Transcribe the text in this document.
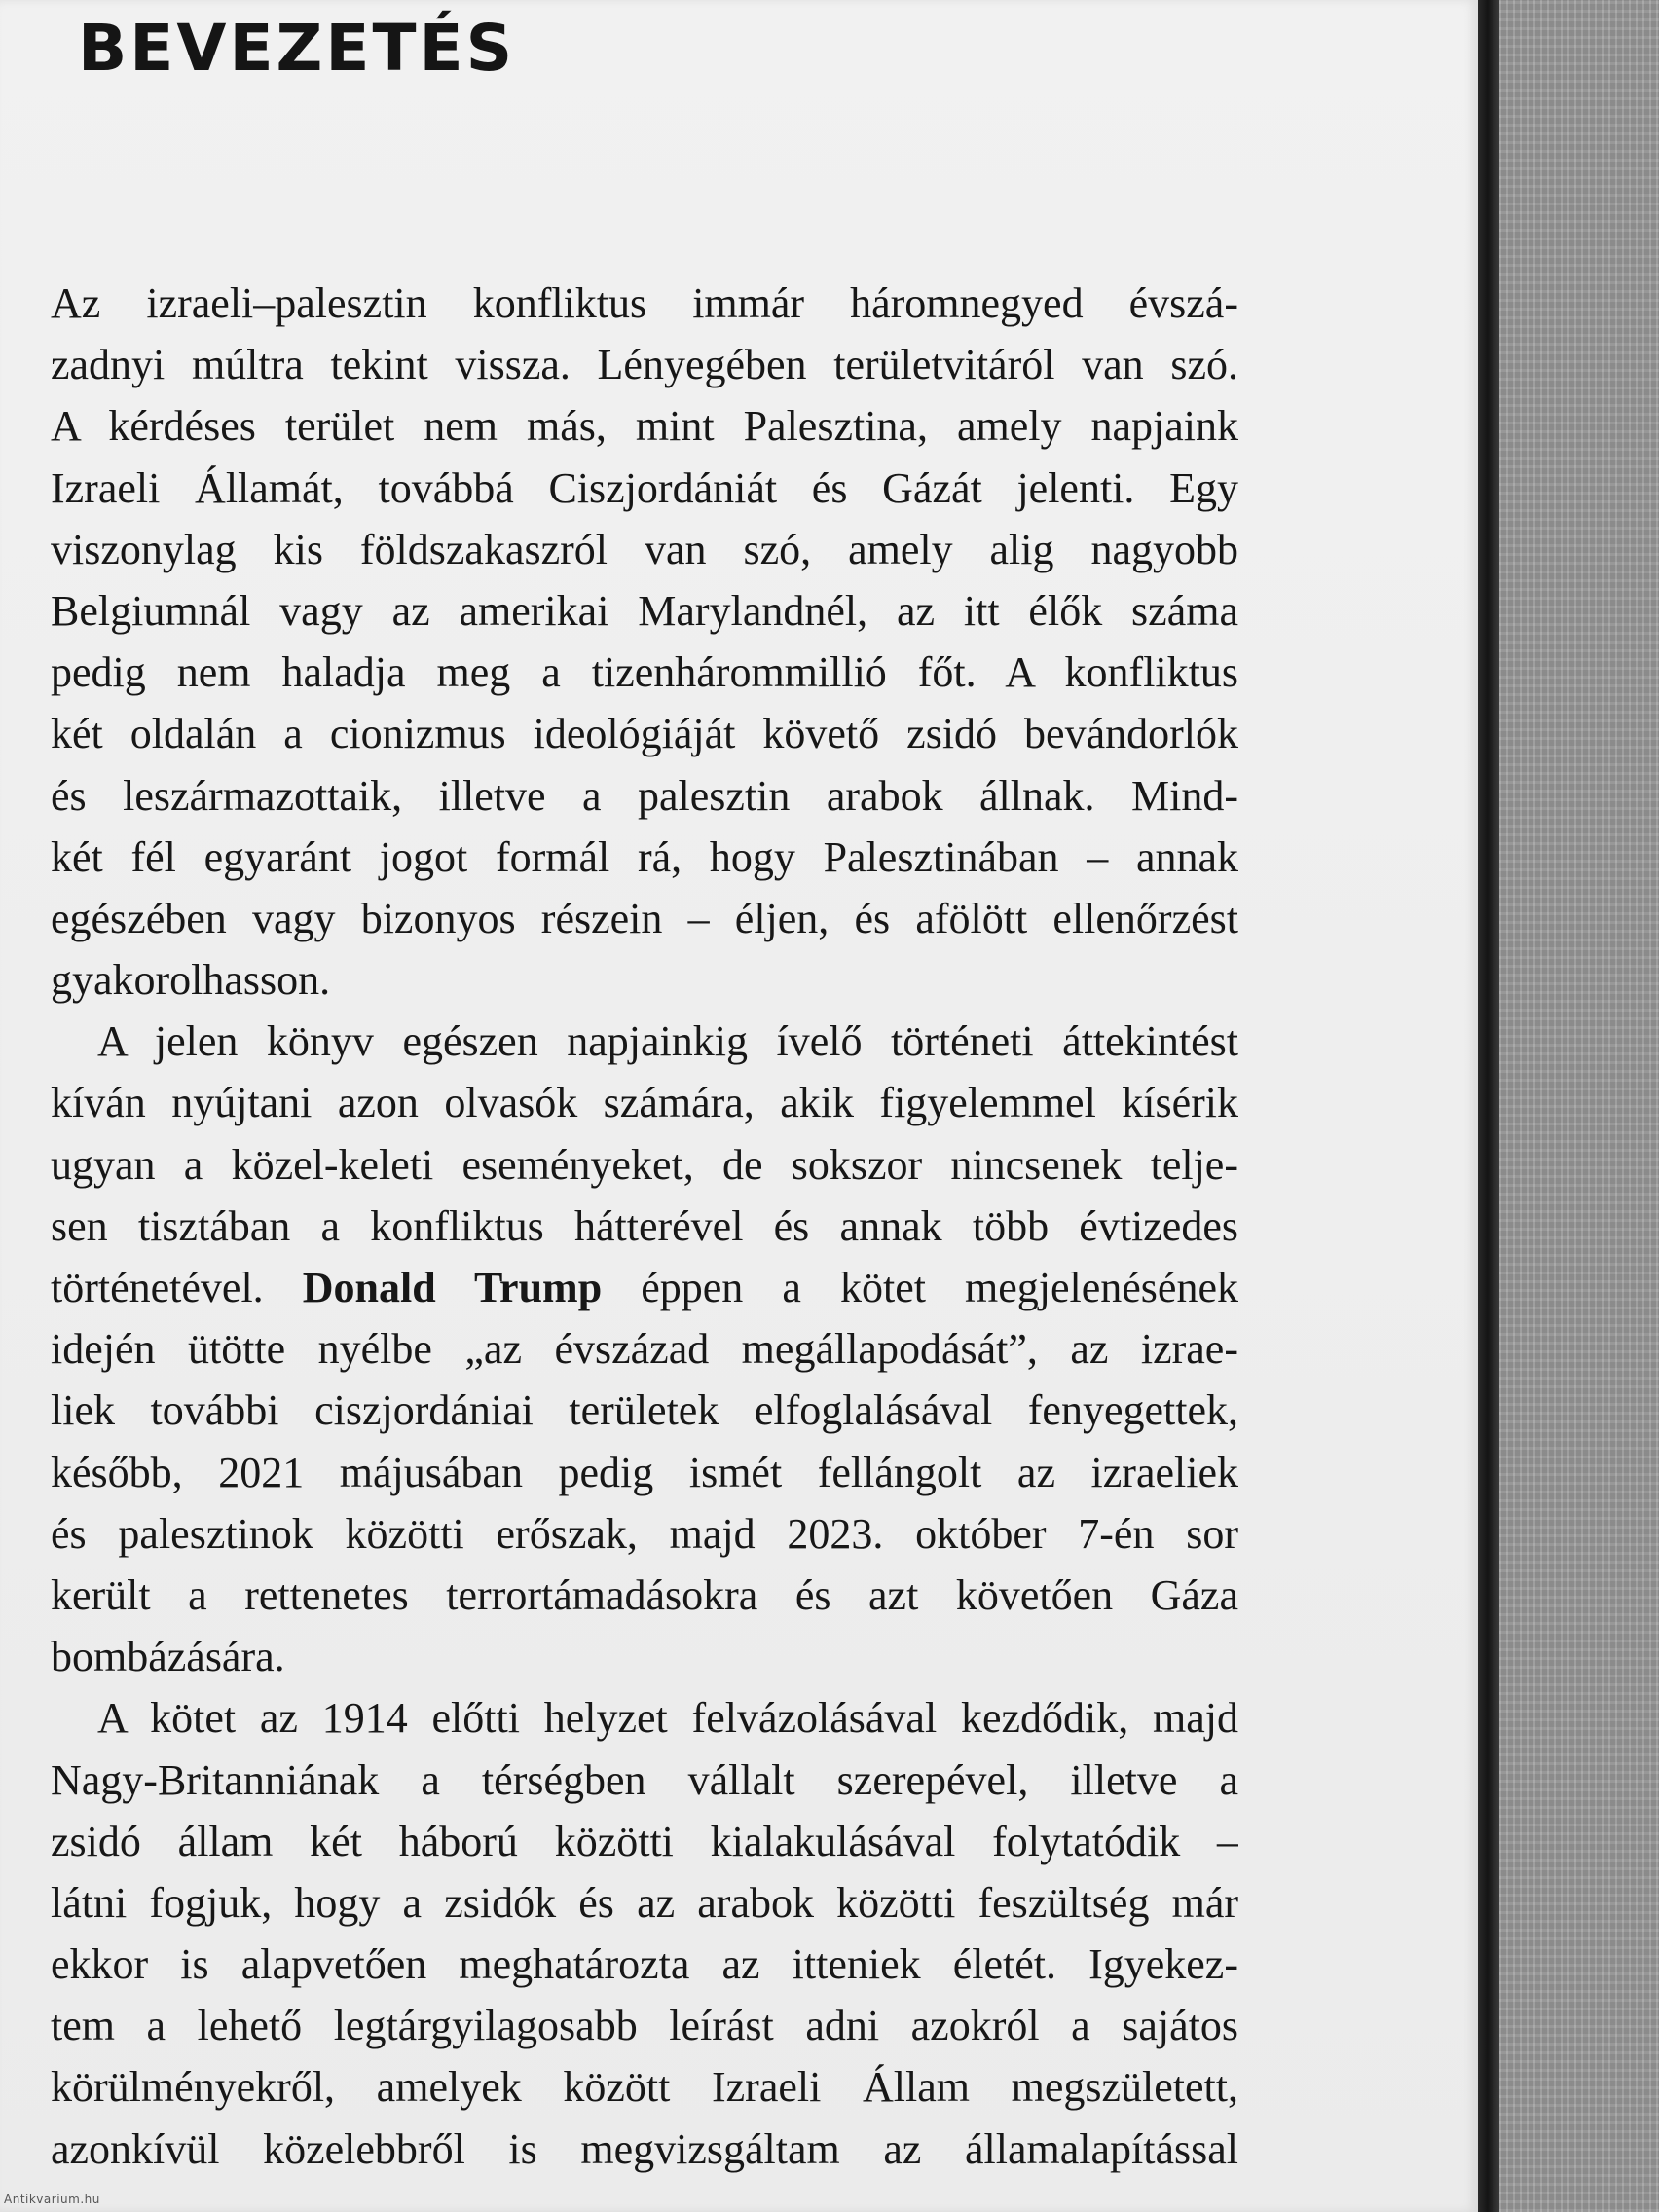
BEVEZETÉS
Az izraeli–palesztin konfliktus immár háromnegyed évszá-
zadnyi múltra tekint vissza. Lényegében területvitáról van szó.
A kérdéses terület nem más, mint Palesztina, amely napjaink
Izraeli Államát, továbbá Ciszjordániát és Gázát jelenti. Egy
viszonylag kis földszakaszról van szó, amely alig nagyobb
Belgiumnál vagy az amerikai Marylandnél, az itt élők száma
pedig nem haladja meg a tizenhárommillió főt. A konfliktus
két oldalán a cionizmus ideológiáját követő zsidó bevándorlók
és leszármazottaik, illetve a palesztin arabok állnak. Mind-
két fél egyaránt jogot formál rá, hogy Palesztinában – annak
egészében vagy bizonyos részein – éljen, és afölött ellenőrzést
gyakorolhasson.
A jelen könyv egészen napjainkig ívelő történeti áttekintést
kíván nyújtani azon olvasók számára, akik figyelemmel kísérik
ugyan a közel-keleti eseményeket, de sokszor nincsenek telje-
sen tisztában a konfliktus hátterével és annak több évtizedes
történetével. Donald Trump éppen a kötet megjelenésének
idején ütötte nyélbe „az évszázad megállapodását”, az izrae-
liek további ciszjordániai területek elfoglalásával fenyegettek,
később, 2021 májusában pedig ismét fellángolt az izraeliek
és palesztinok közötti erőszak, majd 2023. október 7-én sor
került a rettenetes terrortámadásokra és azt követően Gáza
bombázására.
A kötet az 1914 előtti helyzet felvázolásával kezdődik, majd
Nagy-Britanniának a térségben vállalt szerepével, illetve a
zsidó állam két háború közötti kialakulásával folytatódik –
látni fogjuk, hogy a zsidók és az arabok közötti feszültség már
ekkor is alapvetően meghatározta az itteniek életét. Igyekez-
tem a lehető legtárgyilagosabb leírást adni azokról a sajátos
körülményekről, amelyek között Izraeli Állam megszületett,
azonkívül közelebbről is megvizsgáltam az államalapítással
Antikvarium.hu
